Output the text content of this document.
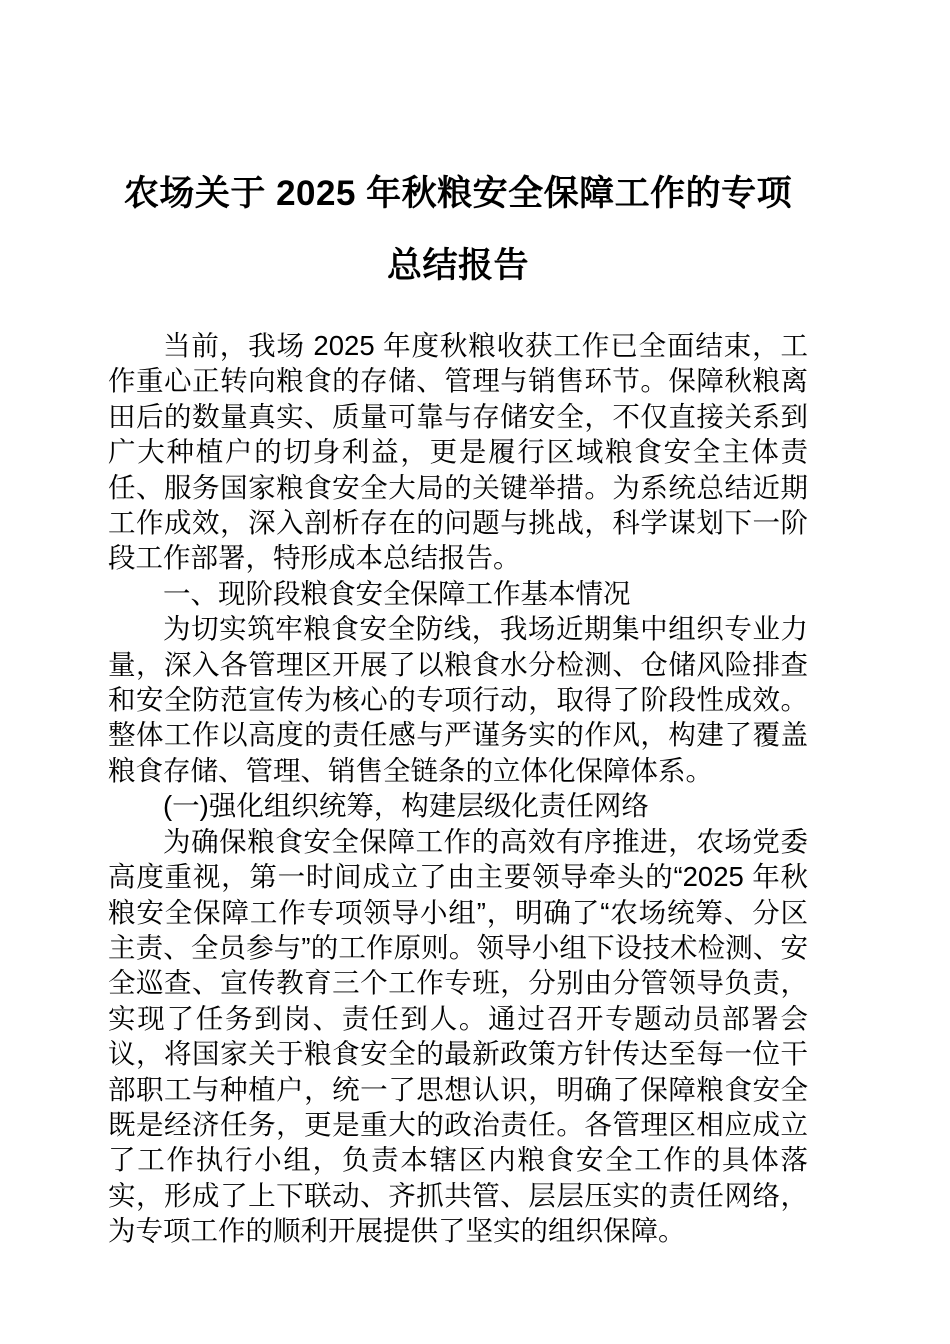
农场关于 2025 年秋粮安全保障工作的专项
总结报告

当前，我场 2025 年度秋粮收获工作已全面结束，工作重心正转向粮食的存储、管理与销售环节。保障秋粮离田后的数量真实、质量可靠与存储安全，不仅直接关系到广大种植户的切身利益，更是履行区域粮食安全主体责任、服务国家粮食安全大局的关键举措。为系统总结近期工作成效，深入剖析存在的问题与挑战，科学谋划下一阶段工作部署，特形成本总结报告。

一、现阶段粮食安全保障工作基本情况

为切实筑牢粮食安全防线，我场近期集中组织专业力量，深入各管理区开展了以粮食水分检测、仓储风险排查和安全防范宣传为核心的专项行动，取得了阶段性成效。整体工作以高度的责任感与严谨务实的作风，构建了覆盖粮食存储、管理、销售全链条的立体化保障体系。

(一)强化组织统筹，构建层级化责任网络

为确保粮食安全保障工作的高效有序推进，农场党委高度重视，第一时间成立了由主要领导牵头的“2025 年秋粮安全保障工作专项领导小组”，明确了“农场统筹、分区主责、全员参与”的工作原则。领导小组下设技术检测、安全巡查、宣传教育三个工作专班，分别由分管领导负责，实现了任务到岗、责任到人。通过召开专题动员部署会议，将国家关于粮食安全的最新政策方针传达至每一位干部职工与种植户，统一了思想认识，明确了保障粮食安全既是经济任务，更是重大的政治责任。各管理区相应成立了工作执行小组，负责本辖区内粮食安全工作的具体落实，形成了上下联动、齐抓共管、层层压实的责任网络，为专项工作的顺利开展提供了坚实的组织保障。
